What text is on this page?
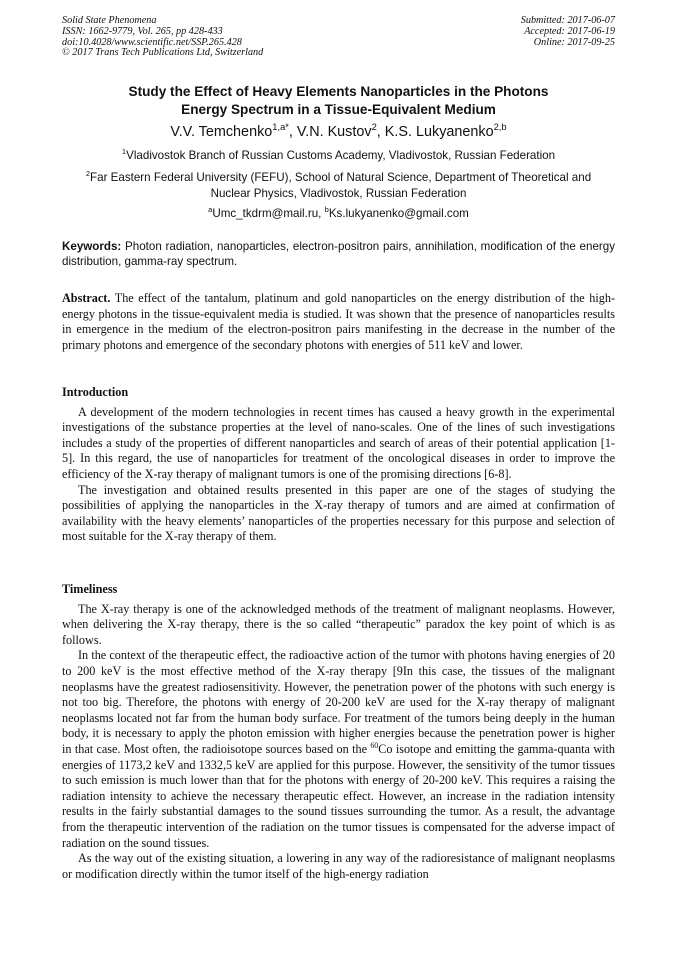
Solid State Phenomena
ISSN: 1662-9779, Vol. 265, pp 428-433
doi:10.4028/www.scientific.net/SSP.265.428
© 2017 Trans Tech Publications Ltd, Switzerland
Submitted: 2017-06-07
Accepted: 2017-06-19
Online: 2017-09-25
Study the Effect of Heavy Elements Nanoparticles in the Photons
Energy Spectrum in a Tissue-Equivalent Medium
V.V. Temchenko$^{1,a*}$, V.N. Kustov$^2$, K.S. Lukyanenko$^{2,b}$
$^1$Vladivostok Branch of Russian Customs Academy, Vladivostok, Russian Federation
$^2$Far Eastern Federal University (FEFU), School of Natural Science, Department of Theoretical and
Nuclear Physics, Vladivostok, Russian Federation
$^a$Umc_tkdrm@mail.ru, $^b$Ks.lukyanenko@gmail.com
Keywords: Photon radiation, nanoparticles, electron-positron pairs, annihilation, modification of the energy distribution, gamma-ray spectrum.
Abstract. The effect of the tantalum, platinum and gold nanoparticles on the energy distribution of the high-energy photons in the tissue-equivalent media is studied. It was shown that the presence of nanoparticles results in emergence in the medium of the electron-positron pairs manifesting in the decrease in the number of the primary photons and emergence of the secondary photons with energies of 511 keV and lower.
Introduction

A development of the modern technologies in recent times has caused a heavy growth in the experimental investigations of the substance properties at the level of nano-scales. One of the lines of such investigations includes a study of the properties of different nanoparticles and search of areas of their potential application [1-5]. In this regard, the use of nanoparticles for treatment of the oncological diseases in order to improve the efficiency of the X-ray therapy of malignant tumors is one of the promising directions [6-8].

The investigation and obtained results presented in this paper are one of the stages of studying the possibilities of applying the nanoparticles in the X-ray therapy of tumors and are aimed at confirmation of availability with the heavy elements’ nanoparticles of the properties necessary for this purpose and selection of most suitable for the X-ray therapy of them.

Timeliness

The X-ray therapy is one of the acknowledged methods of the treatment of malignant neoplasms. However, when delivering the X-ray therapy, there is the so called “therapeutic” paradox the key point of which is as follows.

In the context of the therapeutic effect, the radioactive action of the tumor with photons having energies of 20 to 200 keV is the most effective method of the X-ray therapy [9In this case, the tissues of the malignant neoplasms have the greatest radiosensitivity. However, the penetration power of the photons with such energy is not too big. Therefore, the photons with energy of 20-200 keV are used for the X-ray therapy of malignant neoplasms located not far from the human body surface. For treatment of the tumors being deeply in the human body, it is necessary to apply the photon emission with higher energies because the penetration power is higher in that case. Most often, the radioisotope sources based on the $^{60}$Co isotope and emitting the gamma-quanta with energies of 1173,2 keV and 1332,5 keV are applied for this purpose. However, the sensitivity of the tumor tissues to such emission is much lower than that for the photons with energy of 20-200 keV. This requires a raising the radiation intensity to achieve the necessary therapeutic effect. However, an increase in the radiation intensity results in the fairly substantial damages to the sound tissues surrounding the tumor. As a result, the advantage from the therapeutic intervention of the radiation on the tumor tissues is compensated for the adverse impact of radiation on the sound tissues.

As the way out of the existing situation, a lowering in any way of the radioresistance of malignant neoplasms or modification directly within the tumor itself of the high-energy radiation
